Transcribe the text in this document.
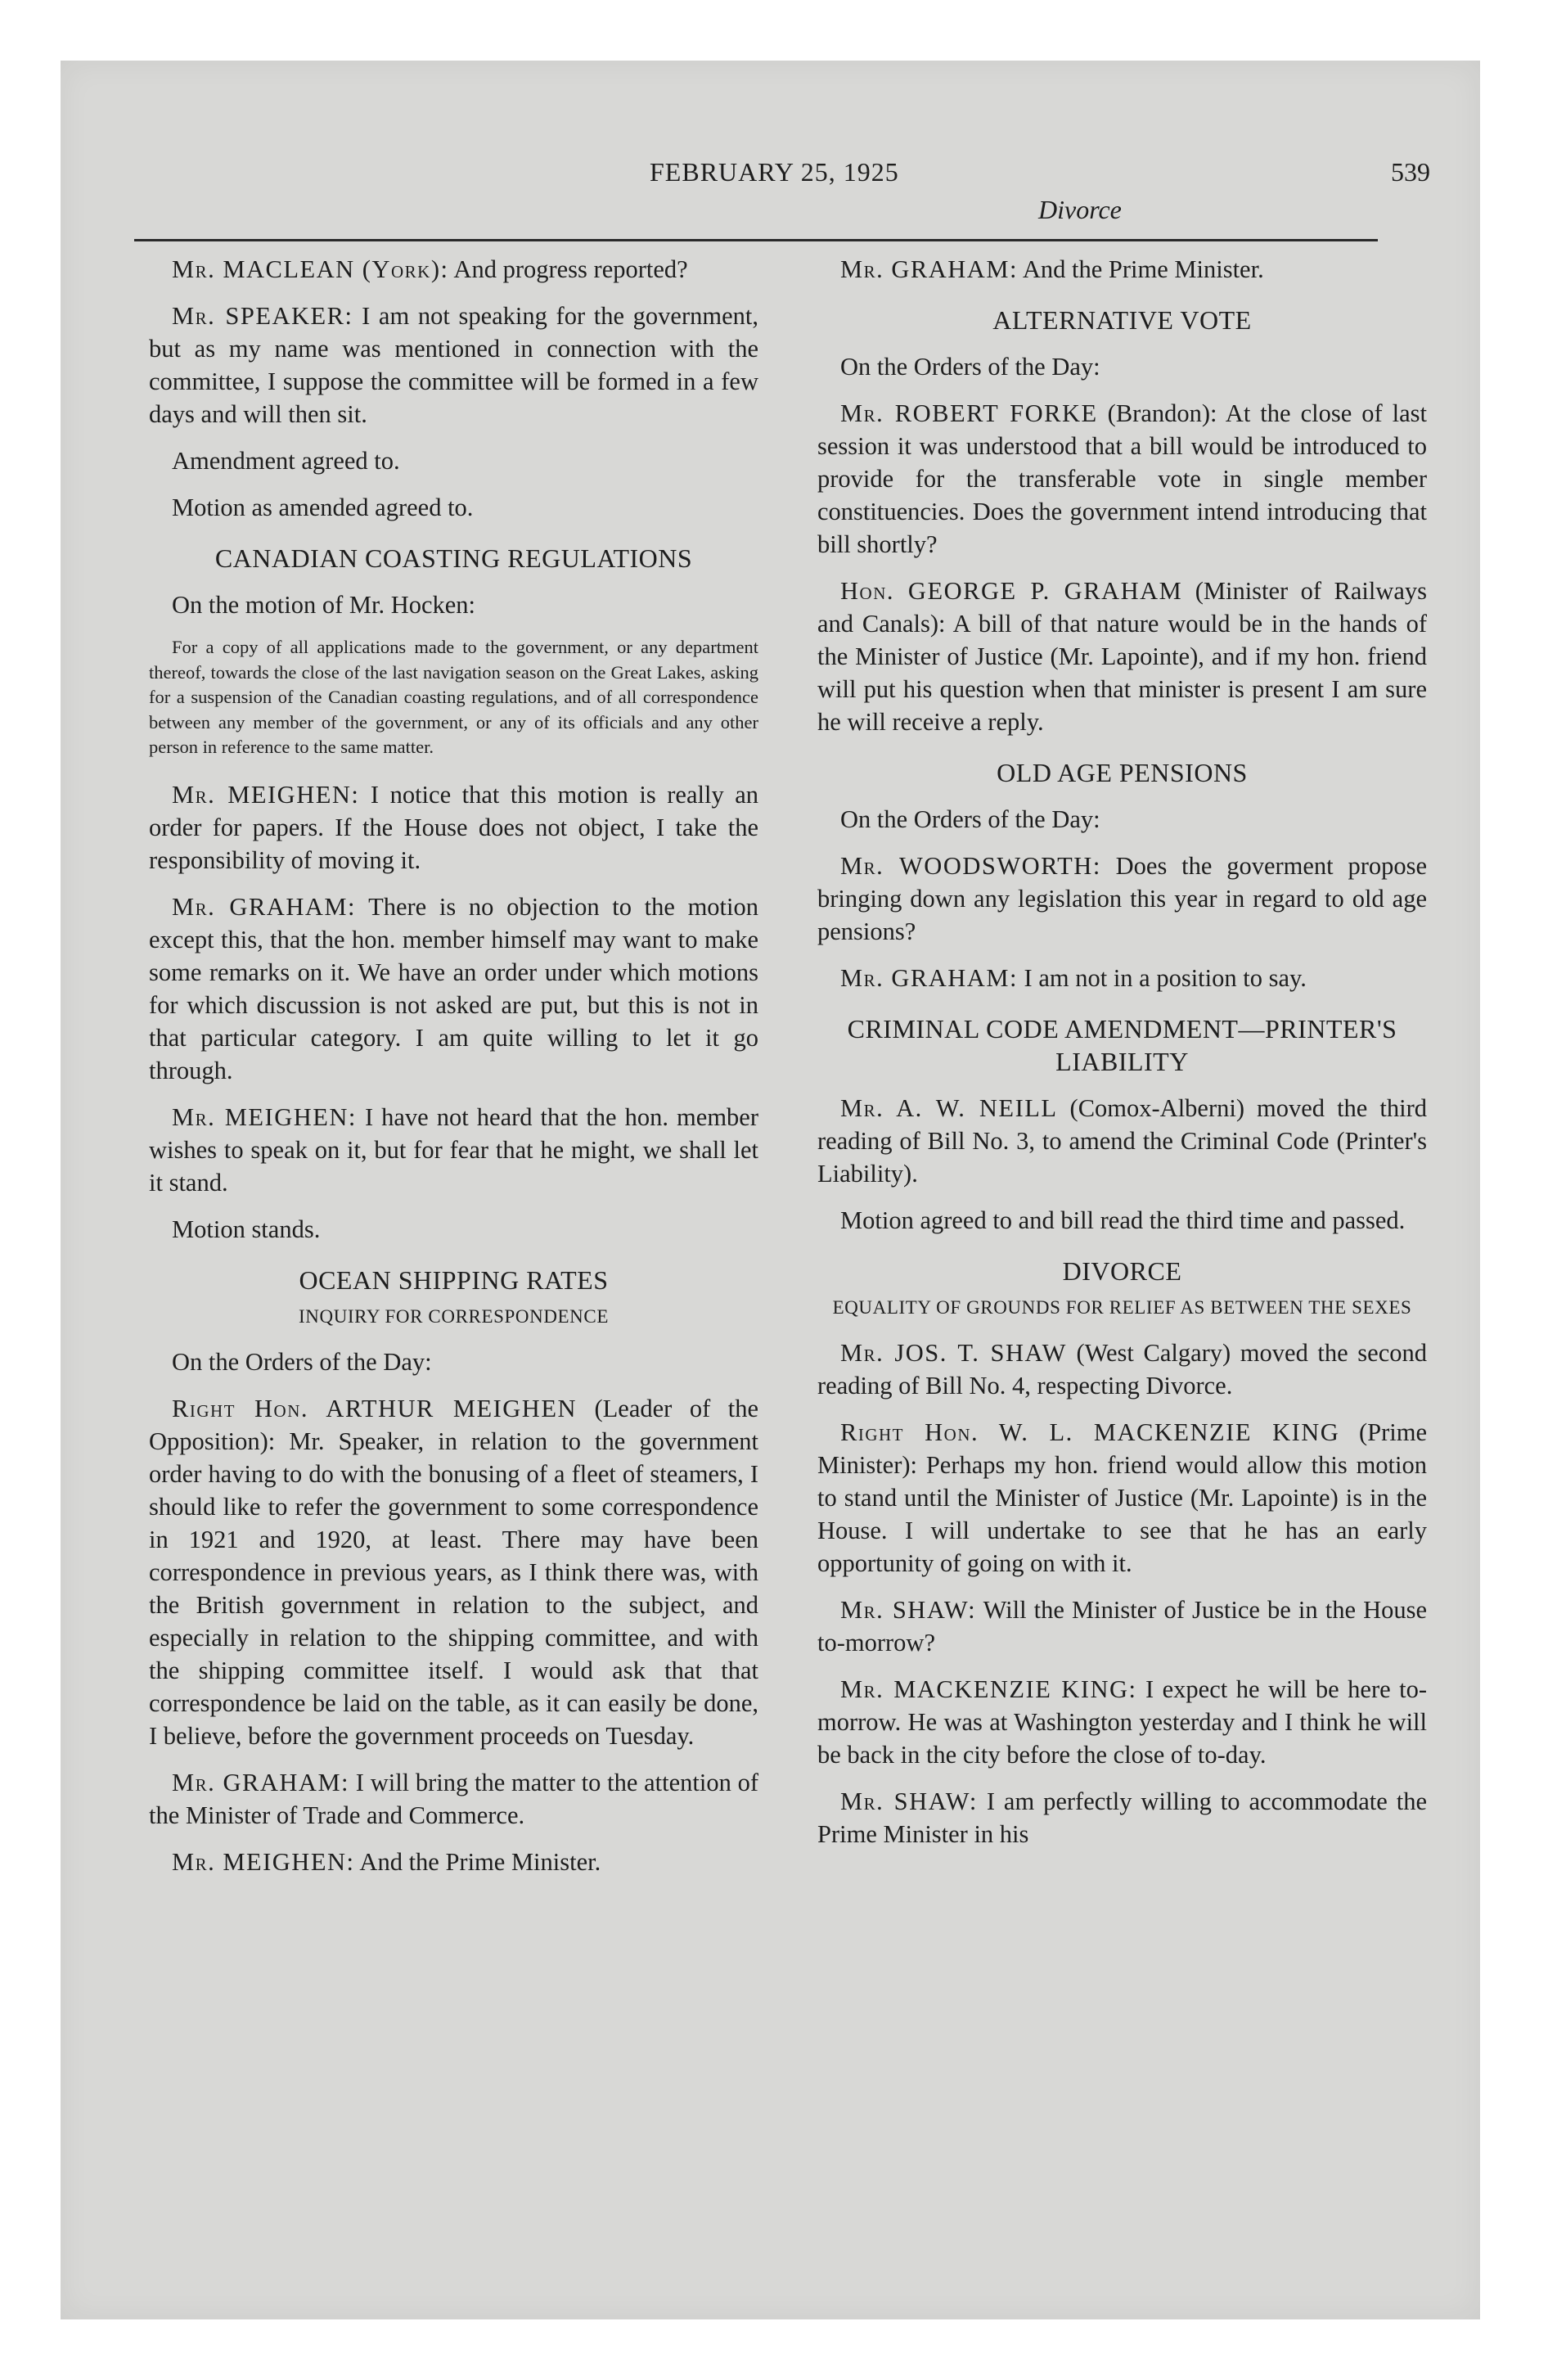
FEBRUARY 25, 1925
Divorce
539

Mr. MACLEAN (York): And progress reported?

Mr. SPEAKER: I am not speaking for the government, but as my name was mentioned in connection with the committee, I suppose the committee will be formed in a few days and will then sit.

Amendment agreed to.

Motion as amended agreed to.

CANADIAN COASTING REGULATIONS

On the motion of Mr. Hocken:

For a copy of all applications made to the government, or any department thereof, towards the close of the last navigation season on the Great Lakes, asking for a suspension of the Canadian coasting regulations, and of all correspondence between any member of the government, or any of its officials and any other person in reference to the same matter.

Mr. MEIGHEN: I notice that this motion is really an order for papers. If the House does not object, I take the responsibility of moving it.

Mr. GRAHAM: There is no objection to the motion except this, that the hon. member himself may want to make some remarks on it. We have an order under which motions for which discussion is not asked are put, but this is not in that particular category. I am quite willing to let it go through.

Mr. MEIGHEN: I have not heard that the hon. member wishes to speak on it, but for fear that he might, we shall let it stand.

Motion stands.

OCEAN SHIPPING RATES
INQUIRY FOR CORRESPONDENCE

On the Orders of the Day:

Right Hon. ARTHUR MEIGHEN (Leader of the Opposition): Mr. Speaker, in relation to the government order having to do with the bonusing of a fleet of steamers, I should like to refer the government to some correspondence in 1921 and 1920, at least. There may have been correspondence in previous years, as I think there was, with the British government in relation to the subject, and especially in relation to the shipping committee, and with the shipping committee itself. I would ask that that correspondence be laid on the table, as it can easily be done, I believe, before the government proceeds on Tuesday.

Mr. GRAHAM: I will bring the matter to the attention of the Minister of Trade and Commerce.

Mr. MEIGHEN: And the Prime Minister.

Mr. GRAHAM: And the Prime Minister.

ALTERNATIVE VOTE

On the Orders of the Day:

Mr. ROBERT FORKE (Brandon): At the close of last session it was understood that a bill would be introduced to provide for the transferable vote in single member constituencies. Does the government intend introducing that bill shortly?

Hon. GEORGE P. GRAHAM (Minister of Railways and Canals): A bill of that nature would be in the hands of the Minister of Justice (Mr. Lapointe), and if my hon. friend will put his question when that minister is present I am sure he will receive a reply.

OLD AGE PENSIONS

On the Orders of the Day:

Mr. WOODSWORTH: Does the goverment propose bringing down any legislation this year in regard to old age pensions?

Mr. GRAHAM: I am not in a position to say.

CRIMINAL CODE AMENDMENT—PRINTER'S LIABILITY

Mr. A. W. NEILL (Comox-Alberni) moved the third reading of Bill No. 3, to amend the Criminal Code (Printer's Liability).

Motion agreed to and bill read the third time and passed.

DIVORCE
EQUALITY OF GROUNDS FOR RELIEF AS BETWEEN THE SEXES

Mr. JOS. T. SHAW (West Calgary) moved the second reading of Bill No. 4, respecting Divorce.

Right Hon. W. L. MACKENZIE KING (Prime Minister): Perhaps my hon. friend would allow this motion to stand until the Minister of Justice (Mr. Lapointe) is in the House. I will undertake to see that he has an early opportunity of going on with it.

Mr. SHAW: Will the Minister of Justice be in the House to-morrow?

Mr. MACKENZIE KING: I expect he will be here to-morrow. He was at Washington yesterday and I think he will be back in the city before the close of to-day.

Mr. SHAW: I am perfectly willing to accommodate the Prime Minister in his
